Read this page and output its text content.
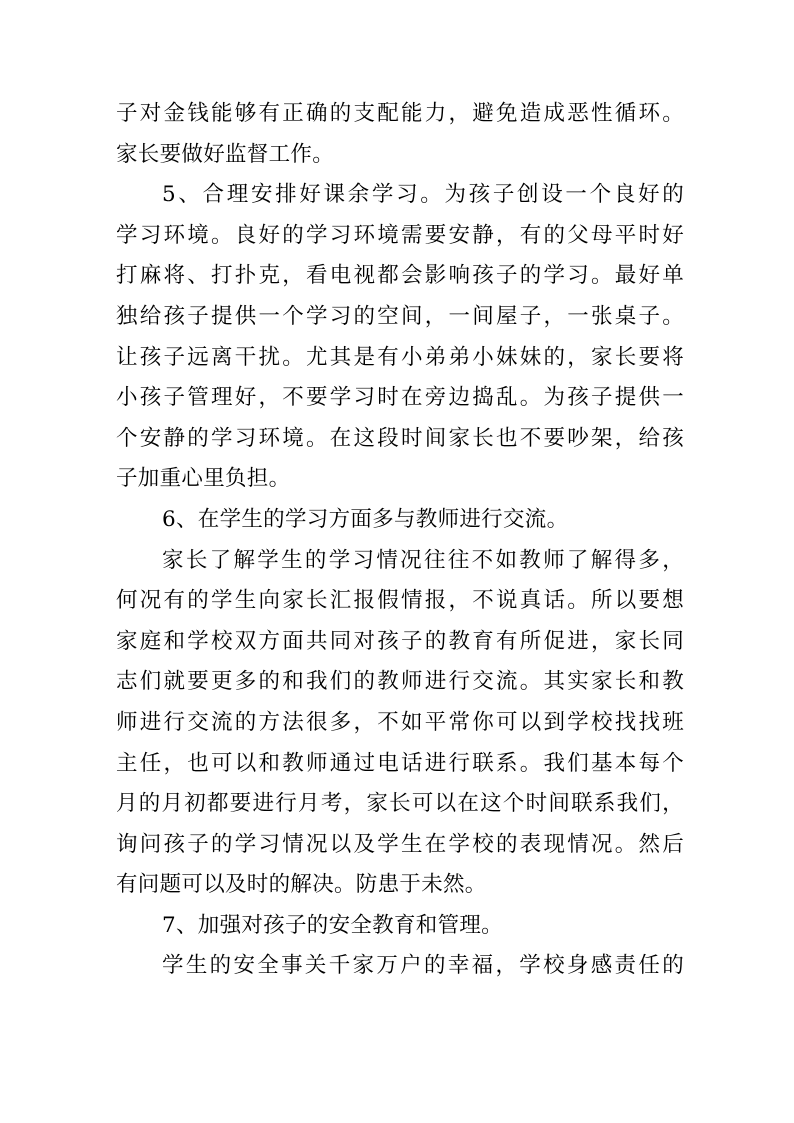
子对金钱能够有正确的支配能力，避免造成恶性循环。
家长要做好监督工作。
5、合理安排好课余学习。为孩子创设一个良好的
学习环境。良好的学习环境需要安静，有的父母平时好
打麻将、打扑克，看电视都会影响孩子的学习。最好单
独给孩子提供一个学习的空间，一间屋子，一张桌子。
让孩子远离干扰。尤其是有小弟弟小妹妹的，家长要将
小孩子管理好，不要学习时在旁边捣乱。为孩子提供一
个安静的学习环境。在这段时间家长也不要吵架，给孩
子加重心里负担。
6、在学生的学习方面多与教师进行交流。
家长了解学生的学习情况往往不如教师了解得多，
何况有的学生向家长汇报假情报，不说真话。所以要想
家庭和学校双方面共同对孩子的教育有所促进，家长同
志们就要更多的和我们的教师进行交流。其实家长和教
师进行交流的方法很多，不如平常你可以到学校找找班
主任，也可以和教师通过电话进行联系。我们基本每个
月的月初都要进行月考，家长可以在这个时间联系我们，
询问孩子的学习情况以及学生在学校的表现情况。然后
有问题可以及时的解决。防患于未然。
7、加强对孩子的安全教育和管理。
学生的安全事关千家万户的幸福，学校身感责任的
